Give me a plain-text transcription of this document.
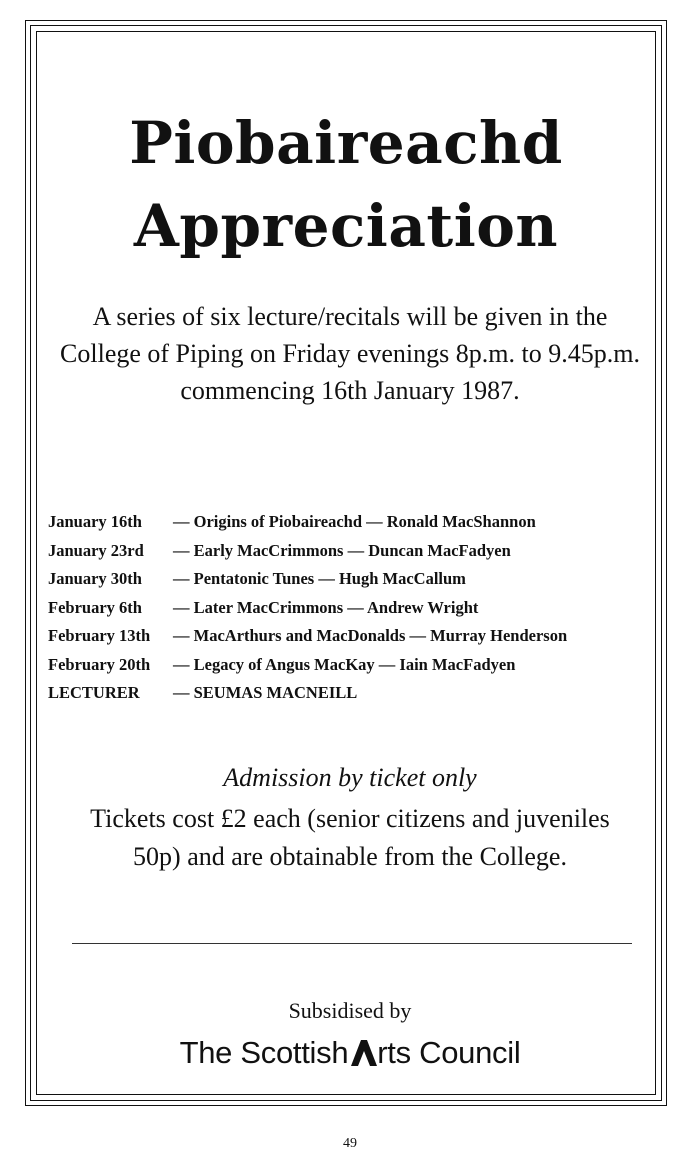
Piobaireachd
Appreciation
A series of six lecture/recitals will be given in the College of Piping on Friday evenings 8p.m. to 9.45p.m. commencing 16th January 1987.
January 16th — Origins of Piobaireachd — Ronald MacShannon
January 23rd — Early MacCrimmons — Duncan MacFadyen
January 30th — Pentatonic Tunes — Hugh MacCallum
February 6th — Later MacCrimmons — Andrew Wright
February 13th — MacArthurs and MacDonalds — Murray Henderson
February 20th — Legacy of Angus MacKay — Iain MacFadyen
LECTURER — SEUMAS MACNEILL
Admission by ticket only
Tickets cost £2 each (senior citizens and juveniles 50p) and are obtainable from the College.
Subsidised by
The Scottish rts Council
49
